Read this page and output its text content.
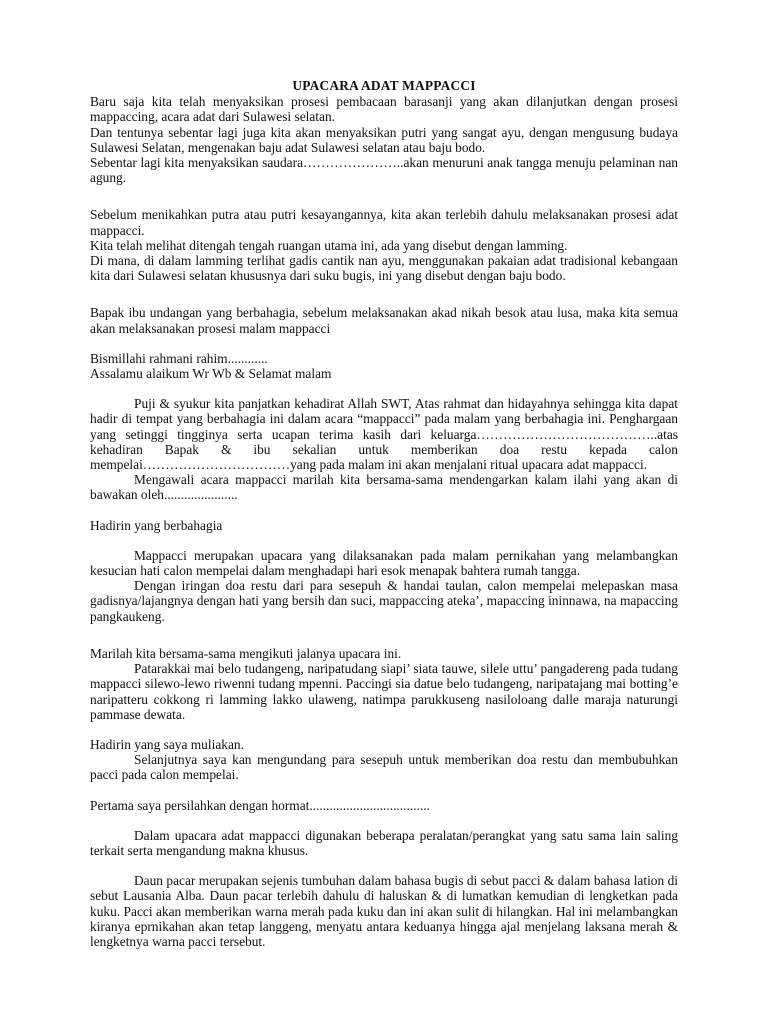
UPACARA ADAT MAPPACCI

Baru saja kita telah menyaksikan prosesi pembacaan barasanji yang akan dilanjutkan dengan prosesi mappaccing, acara adat dari Sulawesi selatan.

Dan tentunya sebentar lagi juga kita akan menyaksikan putri yang sangat ayu, dengan mengusung budaya Sulawesi Selatan, mengenakan baju adat Sulawesi selatan atau baju bodo.

Sebentar lagi kita menyaksikan saudara…………………..akan menuruni anak tangga menuju pelaminan nan agung.

Sebelum menikahkan putra atau putri kesayangannya, kita akan terlebih dahulu melaksanakan prosesi adat mappacci.

Kita telah melihat ditengah tengah ruangan utama ini, ada yang disebut dengan lamming.

Di mana, di dalam lamming terlihat gadis cantik nan ayu, menggunakan pakaian adat tradisional kebangaan kita dari Sulawesi selatan khususnya dari suku bugis, ini yang disebut dengan baju bodo.

Bapak ibu undangan yang berbahagia, sebelum melaksanakan akad nikah besok atau lusa, maka kita semua akan melaksanakan prosesi malam mappacci

Bismillahi rahmani rahim............

Assalamu alaikum Wr Wb & Selamat malam

Puji & syukur kita panjatkan kehadirat Allah SWT, Atas rahmat dan hidayahnya sehingga kita dapat hadir di tempat yang berbahagia ini dalam acara “mappacci” pada malam yang berbahagia ini. Penghargaan yang setinggi tingginya serta ucapan terima kasih dari keluarga…………………………………..atas kehadiran Bapak & ibu sekalian untuk memberikan doa restu kepada calon mempelai……………………………yang pada malam ini akan menjalani ritual upacara adat mappacci.

Mengawali acara mappacci marilah kita bersama-sama mendengarkan kalam ilahi yang akan di bawakan oleh......................

Hadirin yang berbahagia

Mappacci merupakan upacara yang dilaksanakan pada malam pernikahan yang melambangkan kesucian hati calon mempelai dalam menghadapi hari esok menapak bahtera rumah tangga.

Dengan iringan doa restu dari para sesepuh & handai taulan, calon mempelai melepaskan masa gadisnya/lajangnya dengan hati yang bersih dan suci, mappaccing ateka’, mapaccing ininnawa, na mapaccing pangkaukeng.

Marilah kita bersama-sama mengikuti jalanya upacara ini.

Patarakkai mai belo tudangeng, naripatudang siapi’ siata tauwe, silele uttu’ pangadereng pada tudang mappacci silewo-lewo riwenni tudang mpenni. Paccingi sia datue belo tudangeng, naripatajang mai botting’e naripatteru cokkong ri lamming lakko ulaweng, natimpa parukkuseng nasiloloang dalle maraja naturungi pammase dewata.

Hadirin yang saya muliakan.

Selanjutnya saya kan mengundang para sesepuh untuk memberikan doa restu dan membubuhkan pacci pada calon mempelai.

Pertama saya persilahkan dengan hormat....................................

Dalam upacara adat mappacci digunakan beberapa peralatan/perangkat yang satu sama lain saling terkait serta mengandung makna khusus.

Daun pacar merupakan sejenis tumbuhan dalam bahasa bugis di sebut pacci & dalam bahasa lation di sebut Lausania Alba. Daun pacar terlebih dahulu di haluskan & di lumatkan kemudian di lengketkan pada kuku. Pacci akan memberikan warna merah pada kuku dan ini akan sulit di hilangkan. Hal ini melambangkan kiranya eprnikahan akan tetap langgeng, menyatu antara keduanya hingga ajal menjelang laksana merah & lengketnya warna pacci tersebut.
